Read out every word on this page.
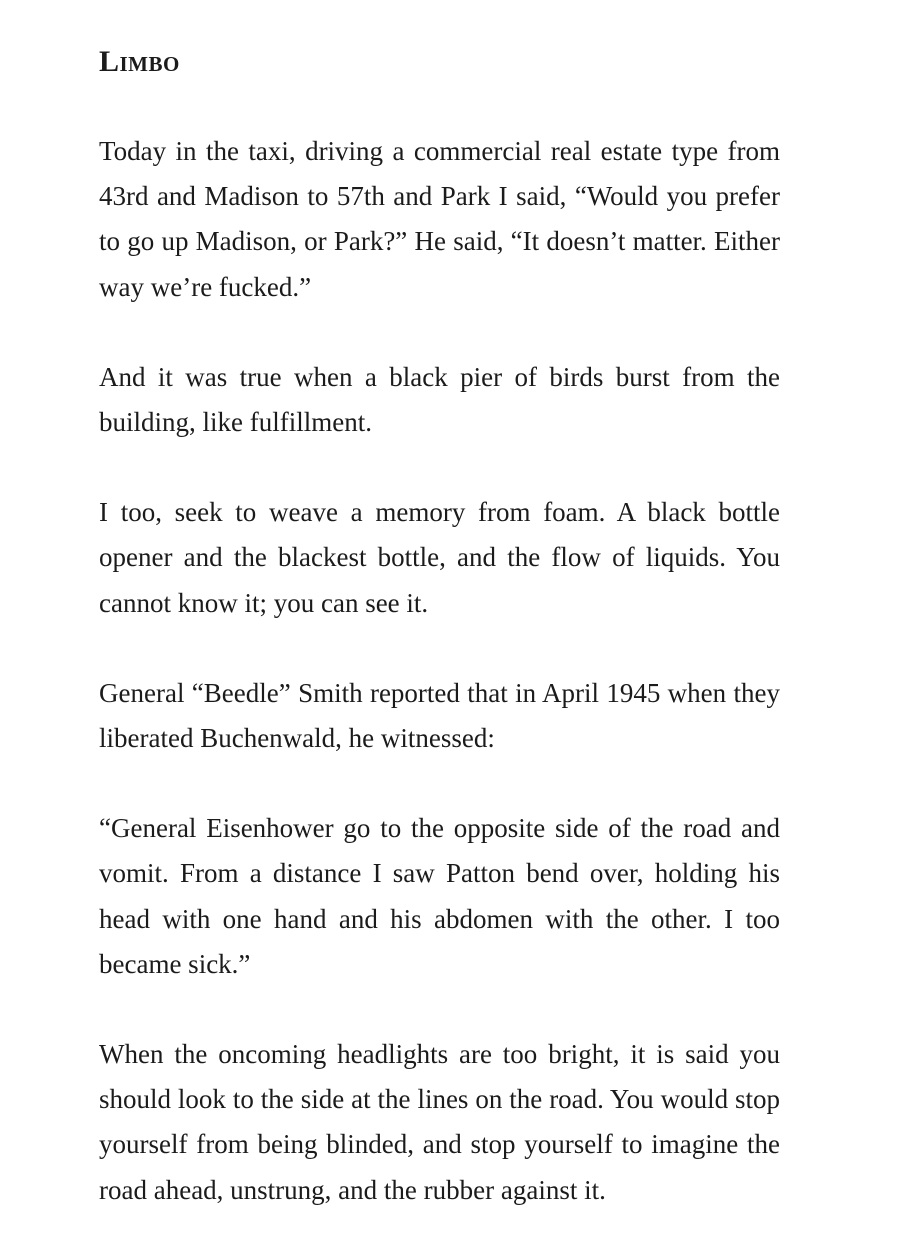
Limbo

Today in the taxi, driving a commercial real estate type from 43rd and Madison to 57th and Park I said, “Would you prefer to go up Madison, or Park?” He said, “It doesn’t matter. Either way we’re fucked.”

And it was true when a black pier of birds burst from the building, like fulfillment.

I too, seek to weave a memory from foam. A black bottle opener and the blackest bottle, and the flow of liquids. You cannot know it; you can see it.

General “Beedle” Smith reported that in April 1945 when they liberated Buchenwald, he witnessed:

“General Eisenhower go to the opposite side of the road and vomit. From a distance I saw Patton bend over, holding his head with one hand and his abdomen with the other. I too became sick.”

When the oncoming headlights are too bright, it is said you should look to the side at the lines on the road. You would stop yourself from being blinded, and stop yourself to imagine the road ahead, unstrung, and the rubber against it.
